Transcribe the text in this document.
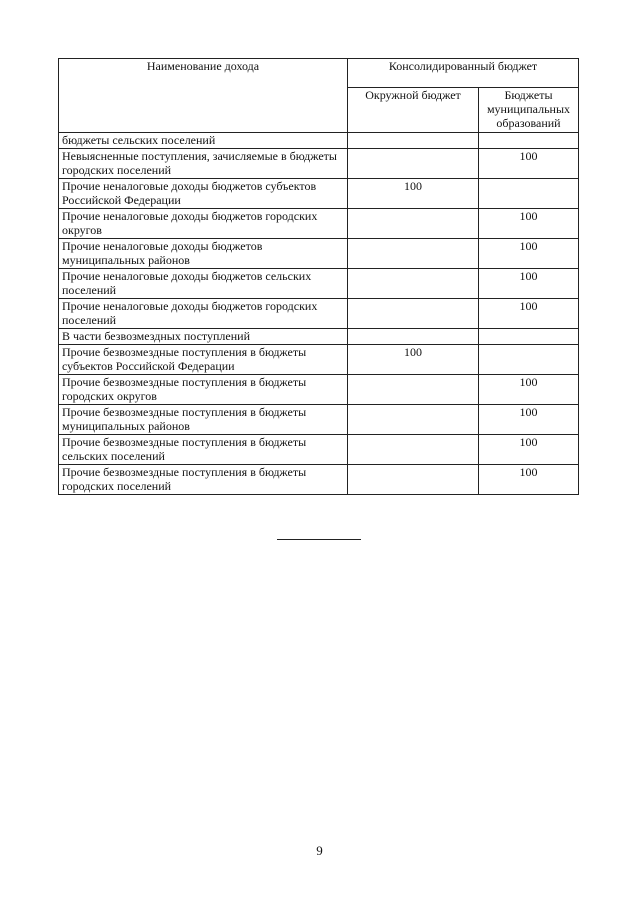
Наименование дохода	Консолидированный бюджет	
	Окружной бюджет	Бюджеты муниципальных образований
бюджеты сельских поселений		
Невыясненные поступления, зачисляемые в бюджеты городских поселений		100
Прочие неналоговые доходы бюджетов субъектов Российской Федерации	100	
Прочие неналоговые доходы бюджетов городских округов		100
Прочие неналоговые доходы бюджетов муниципальных районов		100
Прочие неналоговые доходы бюджетов сельских поселений		100
Прочие неналоговые доходы бюджетов городских поселений		100
В части безвозмездных поступлений		
Прочие безвозмездные поступления в бюджеты субъектов Российской Федерации	100	
Прочие безвозмездные поступления в бюджеты городских округов		100
Прочие безвозмездные поступления в бюджеты муниципальных районов		100
Прочие безвозмездные поступления в бюджеты сельских поселений		100
Прочие безвозмездные поступления в бюджеты городских поселений		100
9
